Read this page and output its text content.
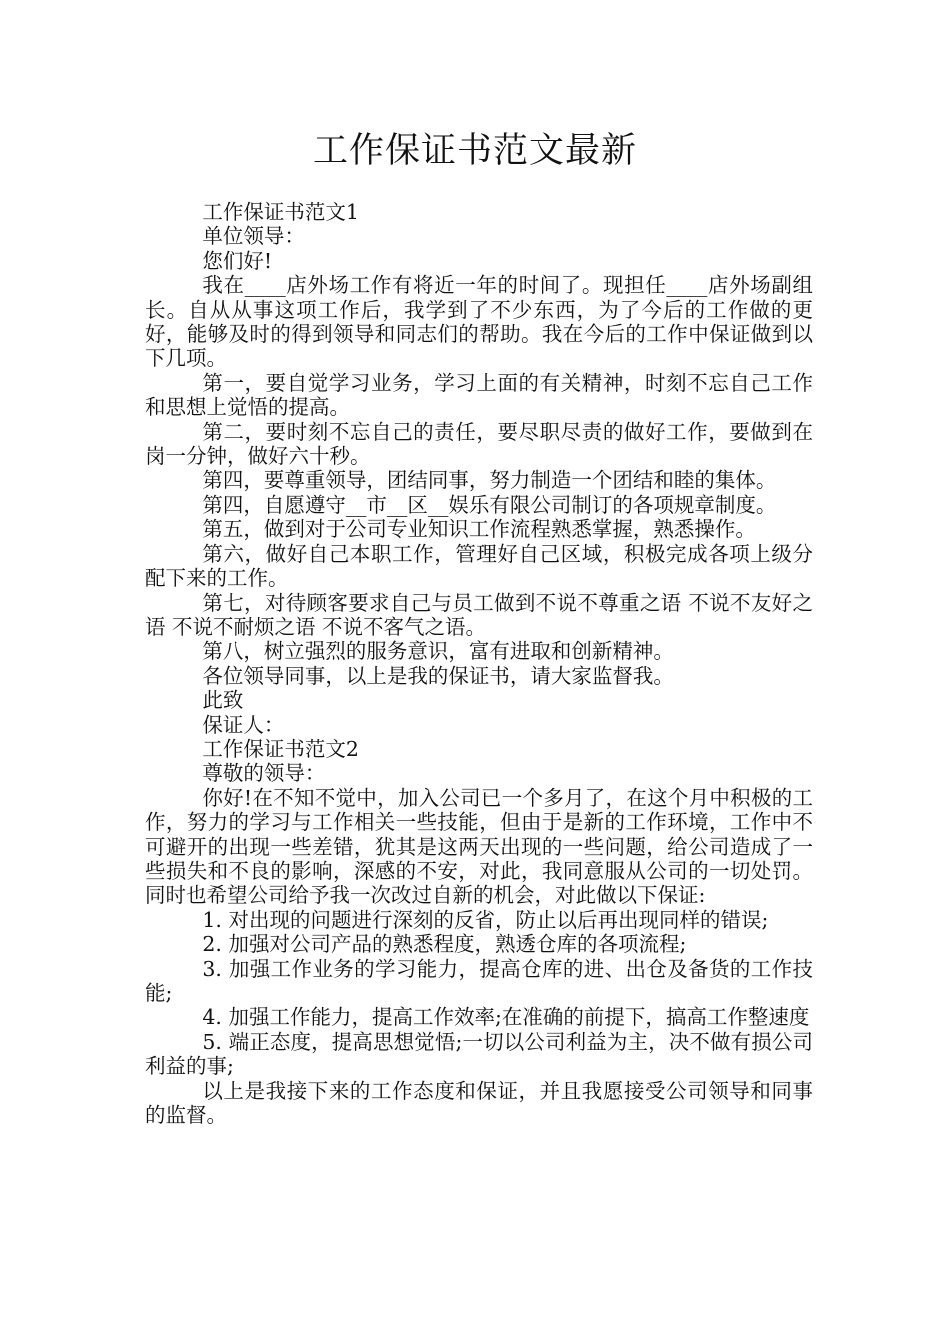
工作保证书范文最新

工作保证书范文1

单位领导：

您们好!

我在____店外场工作有将近一年的时间了。现担任____店外场副组长。自从从事这项工作后，我学到了不少东西，为了今后的工作做的更好，能够及时的得到领导和同志们的帮助。我在今后的工作中保证做到以下几项。

第一，要自觉学习业务，学习上面的有关精神，时刻不忘自己工作和思想上觉悟的提高。

第二，要时刻不忘自己的责任，要尽职尽责的做好工作，要做到在岗一分钟，做好六十秒。

第四，要尊重领导，团结同事，努力制造一个团结和睦的集体。

第四，自愿遵守__市__区__娱乐有限公司制订的各项规章制度。

第五，做到对于公司专业知识工作流程熟悉掌握，熟悉操作。

第六，做好自己本职工作，管理好自己区域，积极完成各项上级分配下来的工作。

第七，对待顾客要求自己与员工做到不说不尊重之语 不说不友好之语 不说不耐烦之语 不说不客气之语。

第八，树立强烈的服务意识，富有进取和创新精神。

各位领导同事，以上是我的保证书，请大家监督我。

此致

保证人：

工作保证书范文2

尊敬的领导：

你好!在不知不觉中，加入公司已一个多月了，在这个月中积极的工作，努力的学习与工作相关一些技能，但由于是新的工作环境，工作中不可避开的出现一些差错，犹其是这两天出现的一些问题，给公司造成了一些损失和不良的影响，深感的不安，对此，我同意服从公司的一切处罚。同时也希望公司给予我一次改过自新的机会，对此做以下保证:

1. 对出现的问题进行深刻的反省，防止以后再出现同样的错误;

2. 加强对公司产品的熟悉程度，熟透仓库的各项流程;

3. 加强工作业务的学习能力，提高仓库的进、出仓及备货的工作技能;

4. 加强工作能力，提高工作效率;在准确的前提下，搞高工作整速度

5. 端正态度，提高思想觉悟;一切以公司利益为主，决不做有损公司利益的事;

以上是我接下来的工作态度和保证，并且我愿接受公司领导和同事的监督。
